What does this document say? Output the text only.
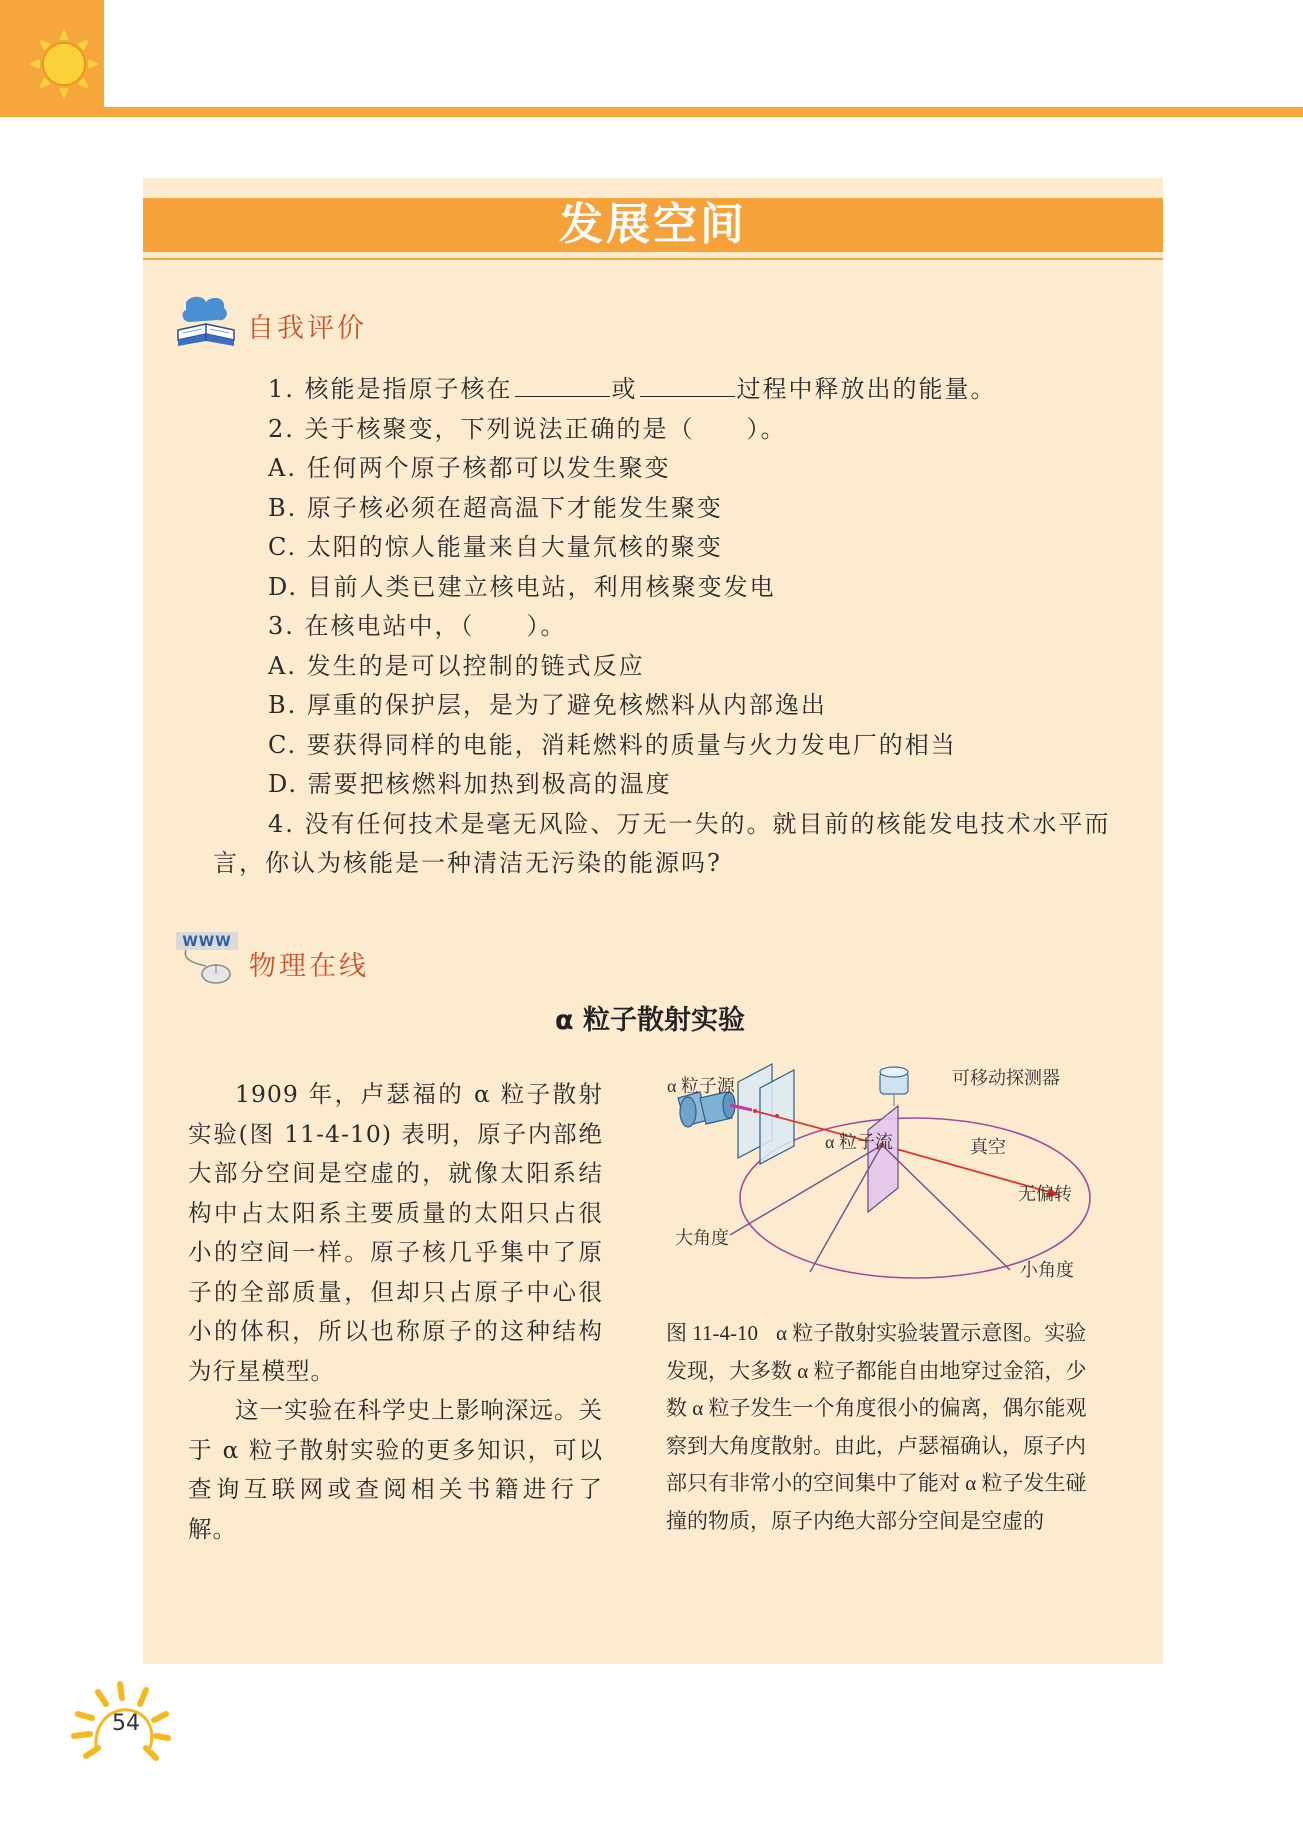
发展空间
自我评价
1. 核能是指原子核在	或	过程中释放出的能量。
2. 关于核聚变，下列说法正确的是（　　）。
A. 任何两个原子核都可以发生聚变
B. 原子核必须在超高温下才能发生聚变
C. 太阳的惊人能量来自大量氘核的聚变
D. 目前人类已建立核电站，利用核聚变发电
3. 在核电站中，（　　）。
A. 发生的是可以控制的链式反应
B. 厚重的保护层，是为了避免核燃料从内部逸出
C. 要获得同样的电能，消耗燃料的质量与火力发电厂的相当
D. 需要把核燃料加热到极高的温度
4. 没有任何技术是毫无风险、万无一失的。就目前的核能发电技术水平而
言，你认为核能是一种清洁无污染的能源吗?
WWW
物理在线
α 粒子散射实验

1909 年，卢瑟福的 α 粒子散射实验(图 11-4-10) 表明，原子内部绝大部分空间是空虚的，就像太阳系结构中占太阳系主要质量的太阳只占很小的空间一样。原子核几乎集中了原子的全部质量，但却只占原子中心很小的体积，所以也称原子的这种结构为行星模型。

这一实验在科学史上影响深远。关于 α 粒子散射实验的更多知识，可以查询互联网或查阅相关书籍进行了解。

α 粒子源	可移动探测器
α 粒子流	真空
无偏转
大角度
小角度
图 11-4-10 α 粒子散射实验装置示意图。实验发现，大多数 α 粒子都能自由地穿过金箔，少数 α 粒子发生一个角度很小的偏离，偶尔能观察到大角度散射。由此，卢瑟福确认，原子内部只有非常小的空间集中了能对 α 粒子发生碰撞的物质，原子内绝大部分空间是空虚的
54
